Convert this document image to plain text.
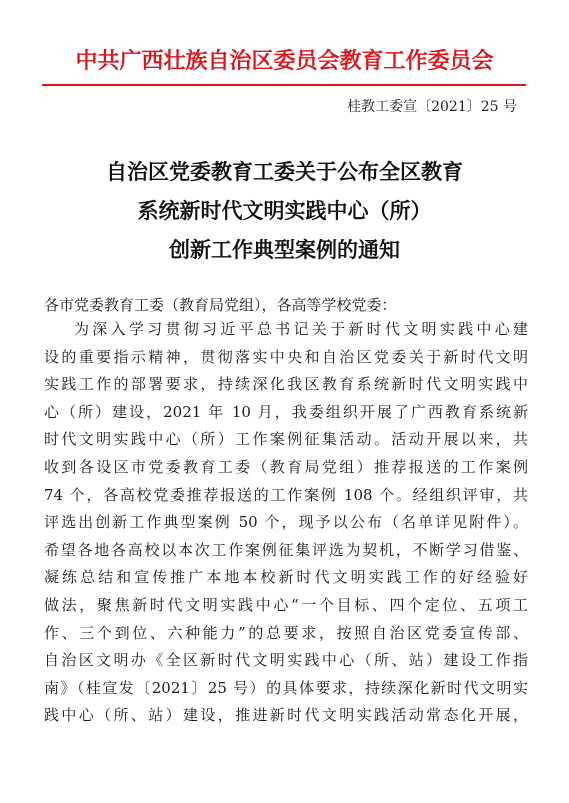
中共广西壮族自治区委员会教育工作委员会
桂教工委宣〔2021〕25 号
自治区党委教育工委关于公布全区教育
系统新时代文明实践中心（所）
创新工作典型案例的通知
各市党委教育工委（教育局党组），各高等学校党委：
为深入学习贯彻习近平总书记关于新时代文明实践中心建
设的重要指示精神，贯彻落实中央和自治区党委关于新时代文明
实践工作的部署要求，持续深化我区教育系统新时代文明实践中
心（所）建设，2021 年 10 月，我委组织开展了广西教育系统新
时代文明实践中心（所）工作案例征集活动。活动开展以来，共
收到各设区市党委教育工委（教育局党组）推荐报送的工作案例
74 个，各高校党委推荐报送的工作案例 108 个。经组织评审，共
评选出创新工作典型案例 50 个，现予以公布（名单详见附件）。
希望各地各高校以本次工作案例征集评选为契机，不断学习借鉴、
凝练总结和宣传推广本地本校新时代文明实践工作的好经验好
做法，聚焦新时代文明实践中心“一个目标、四个定位、五项工
作、三个到位、六种能力”的总要求，按照自治区党委宣传部、
自治区文明办《全区新时代文明实践中心（所、站）建设工作指
南》（桂宣发〔2021〕25 号）的具体要求，持续深化新时代文明实
践中心（所、站）建设，推进新时代文明实践活动常态化开展，
